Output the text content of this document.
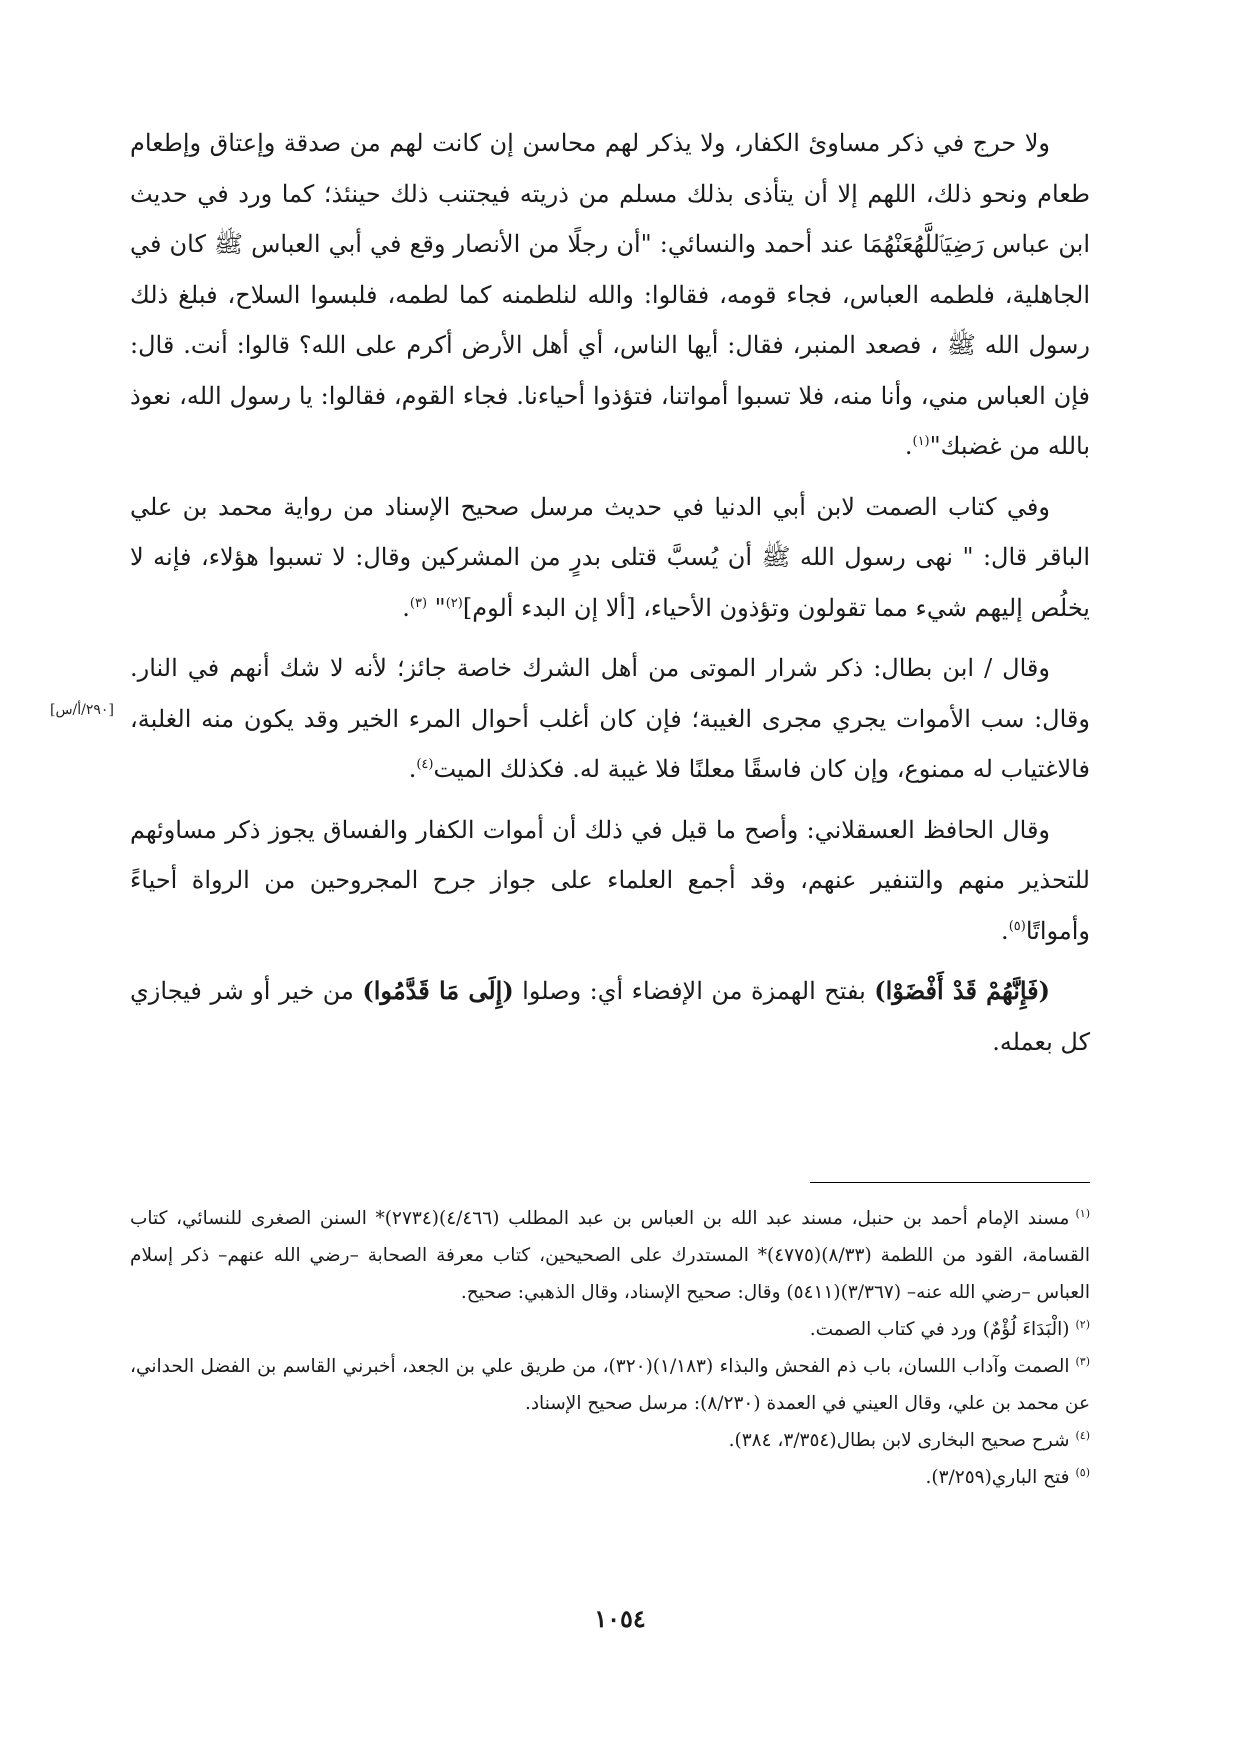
ولا حرج في ذكر مساوئ الكفار، ولا يذكر لهم محاسن إن كانت لهم من صدقة وإعتاق وإطعام طعام ونحو ذلك، اللهم إلا أن يتأذى بذلك مسلم من ذريته فيجتنب ذلك حينئذ؛ كما ورد في حديث ابن عباس رَضِيَٱللَّهُعَنْهُمَا عند أحمد والنسائي: "أن رجلًا من الأنصار وقع في أبي العباس ﷺ كان في الجاهلية، فلطمه العباس، فجاء قومه، فقالوا: والله لنلطمنه كما لطمه، فلبسوا السلاح، فبلغ ذلك رسول الله ﷺ ، فصعد المنبر، فقال: أيها الناس، أي أهل الأرض أكرم على الله؟ قالوا: أنت. قال: فإن العباس مني، وأنا منه، فلا تسبوا أمواتنا، فتؤذوا أحياءنا. فجاء القوم، فقالوا: يا رسول الله، نعوذ بالله من غضبك"$^{(١)}$.

وفي كتاب الصمت لابن أبي الدنيا في حديث مرسل صحيح الإسناد من رواية محمد بن علي الباقر قال: " نهى رسول الله ﷺ أن يُسبَّ قتلى بدرٍ من المشركين وقال: لا تسبوا هؤلاء، فإنه لا يخلُص إليهم شيء مما تقولون وتؤذون الأحياء، [ألا إن البدء ألوم]$^{(٢)}$" $^{(٣)}$.

وقال / ابن بطال: ذكر شرار الموتى من أهل الشرك خاصة جائز؛ لأنه لا شك أنهم في النار. وقال: سب الأموات يجري مجرى الغيبة؛ فإن كان أغلب أحوال المرء الخير وقد يكون منه الغلبة، فالاغتياب له ممنوع، وإن كان فاسقًا معلنًا فلا غيبة له. فكذلك الميت$^{(٤)}$.

وقال الحافظ العسقلاني: وأصح ما قيل في ذلك أن أموات الكفار والفساق يجوز ذكر مساوئهم للتحذير منهم والتنفير عنهم، وقد أجمع العلماء على جواز جرح المجروحين من الرواة أحياءً وأمواتًا$^{(٥)}$.

(فَإِنَّهُمْ قَدْ أَفْضَوْا) بفتح الهمزة من الإفضاء أي: وصلوا (إِلَى مَا قَدَّمُوا) من خير أو شر فيجازي كل بعمله.

[٢٩٠/أ/س]

$^{(١)}$مسند الإمام أحمد بن حنبل، مسند عبد الله بن العباس بن عبد المطلب (٤/٤٦٦)(٢٧٣٤)* السنن الصغرى للنسائي، كتاب القسامة، القود من اللطمة (٨/٣٣)(٤٧٧٥)* المستدرك على الصحيحين، كتاب معرفة الصحابة –رضي الله عنهم– ذكر إسلام العباس –رضي الله عنه– (٣/٣٦٧)(٥٤١١) وقال: صحيح الإسناد، وقال الذهبي: صحيح.

$^{(٢)}$(الْبَدَاءَ لُؤْمٌ) ورد في كتاب الصمت.

$^{(٣)}$الصمت وآداب اللسان، باب ذم الفحش والبذاء (١/١٨٣)(٣٢٠)، من طريق علي بن الجعد، أخبرني القاسم بن الفضل الحداني، عن محمد بن علي، وقال العيني في العمدة (٨/٢٣٠): مرسل صحيح الإسناد.

$^{(٤)}$شرح صحيح البخارى لابن بطال(٣/٣٥٤، ٣٨٤).

$^{(٥)}$فتح الباري(٣/٢٥٩).

١٠٥٤
